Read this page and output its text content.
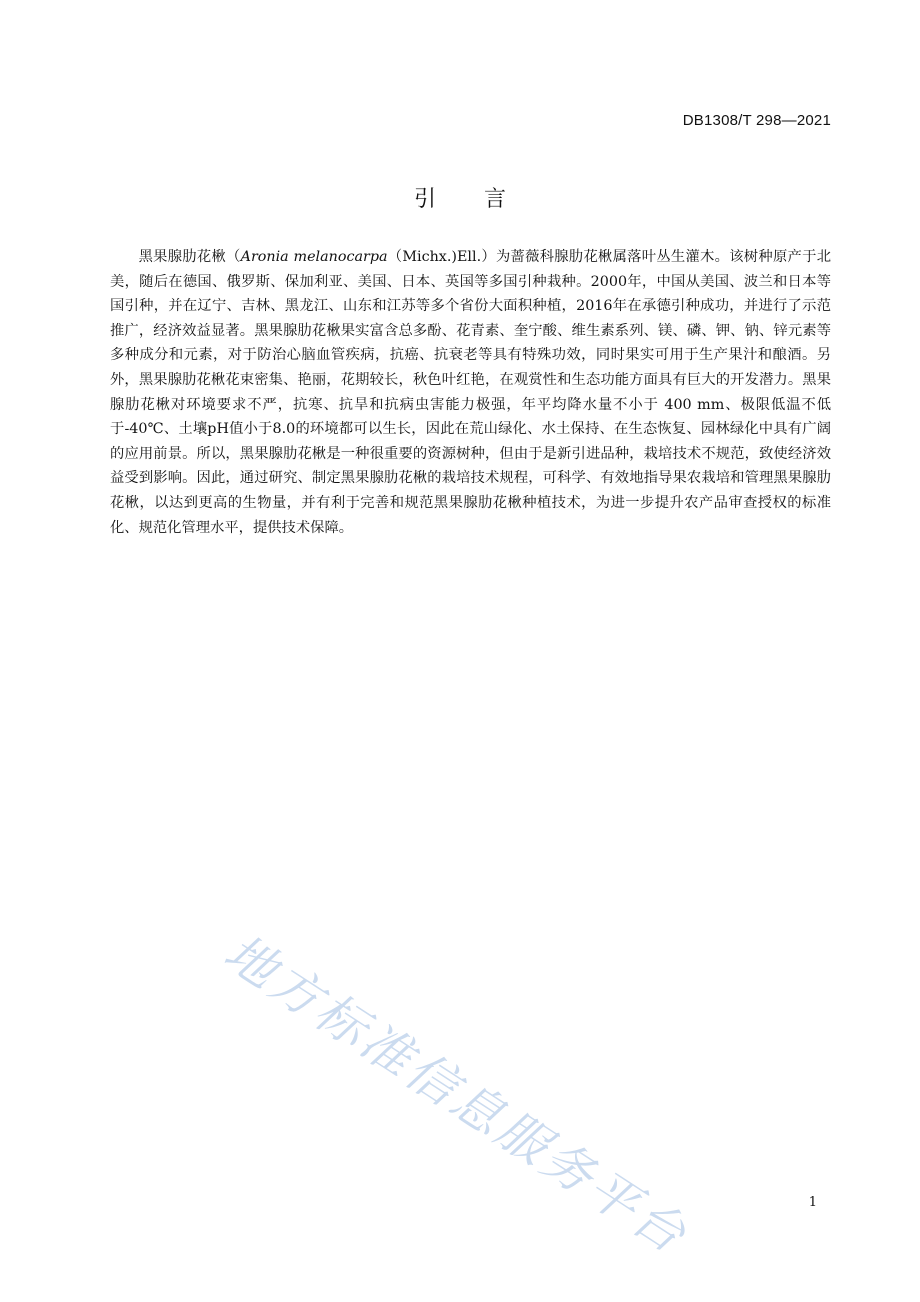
DB1308/T 298—2021

引言

黑果腺肋花楸（Aronia melanocarpa（Michx.)Ell.）为蔷薇科腺肋花楸属落叶丛生灌木。该树种原产于北美，随后在德国、俄罗斯、保加利亚、美国、日本、英国等多国引种栽种。2000年，中国从美国、波兰和日本等国引种，并在辽宁、吉林、黑龙江、山东和江苏等多个省份大面积种植，2016年在承德引种成功，并进行了示范推广，经济效益显著。黑果腺肋花楸果实富含总多酚、花青素、奎宁酸、维生素系列、镁、磷、钾、钠、锌元素等多种成分和元素，对于防治心脑血管疾病，抗癌、抗衰老等具有特殊功效，同时果实可用于生产果汁和酿酒。另外，黑果腺肋花楸花束密集、艳丽，花期较长，秋色叶红艳，在观赏性和生态功能方面具有巨大的开发潜力。黑果腺肋花楸对环境要求不严，抗寒、抗旱和抗病虫害能力极强，年平均降水量不小于 400 mm、极限低温不低于-40℃、土壤pH值小于8.0的环境都可以生长，因此在荒山绿化、水土保持、在生态恢复、园林绿化中具有广阔的应用前景。所以，黑果腺肋花楸是一种很重要的资源树种，但由于是新引进品种，栽培技术不规范，致使经济效益受到影响。因此，通过研究、制定黑果腺肋花楸的栽培技术规程，可科学、有效地指导果农栽培和管理黑果腺肋花楸，以达到更高的生物量，并有利于完善和规范黑果腺肋花楸种植技术，为进一步提升农产品审查授权的标准化、规范化管理水平，提供技术保障。

地方标准信息服务平台	1
